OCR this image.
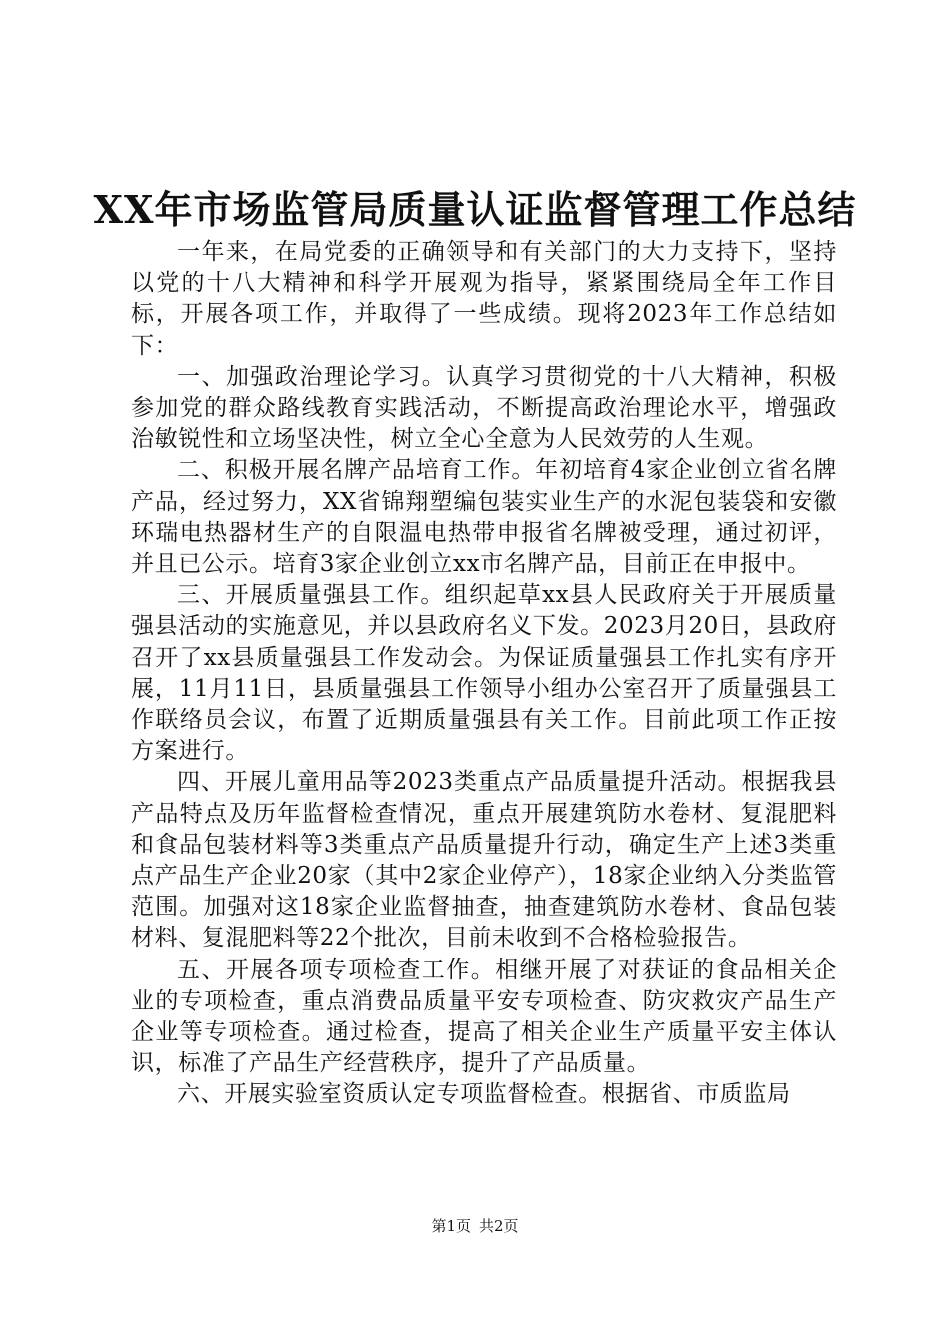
XX年市场监管局质量认证监督管理工作总结

一年来，在局党委的正确领导和有关部门的大力支持下，坚持以党的十八大精神和科学开展观为指导，紧紧围绕局全年工作目标，开展各项工作，并取得了一些成绩。现将2023年工作总结如下：

一、加强政治理论学习。认真学习贯彻党的十八大精神，积极参加党的群众路线教育实践活动，不断提高政治理论水平，增强政治敏锐性和立场坚决性，树立全心全意为人民效劳的人生观。

二、积极开展名牌产品培育工作。年初培育4家企业创立省名牌产品，经过努力，XX省锦翔塑编包装实业生产的水泥包装袋和安徽环瑞电热器材生产的自限温电热带申报省名牌被受理，通过初评，并且已公示。培育3家企业创立xx市名牌产品，目前正在申报中。

三、开展质量强县工作。组织起草xx县人民政府关于开展质量强县活动的实施意见，并以县政府名义下发。2023月20日，县政府召开了xx县质量强县工作发动会。为保证质量强县工作扎实有序开展，11月11日，县质量强县工作领导小组办公室召开了质量强县工作联络员会议，布置了近期质量强县有关工作。目前此项工作正按方案进行。

四、开展儿童用品等2023类重点产品质量提升活动。根据我县产品特点及历年监督检查情况，重点开展建筑防水卷材、复混肥料和食品包装材料等3类重点产品质量提升行动，确定生产上述3类重点产品生产企业20家（其中2家企业停产），18家企业纳入分类监管范围。加强对这18家企业监督抽查，抽查建筑防水卷材、食品包装材料、复混肥料等22个批次，目前未收到不合格检验报告。

五、开展各项专项检查工作。相继开展了对获证的食品相关企业的专项检查，重点消费品质量平安专项检查、防灾救灾产品生产企业等专项检查。通过检查，提高了相关企业生产质量平安主体认识，标准了产品生产经营秩序，提升了产品质量。

六、开展实验室资质认定专项监督检查。根据省、市质监局

第1页 共2页
